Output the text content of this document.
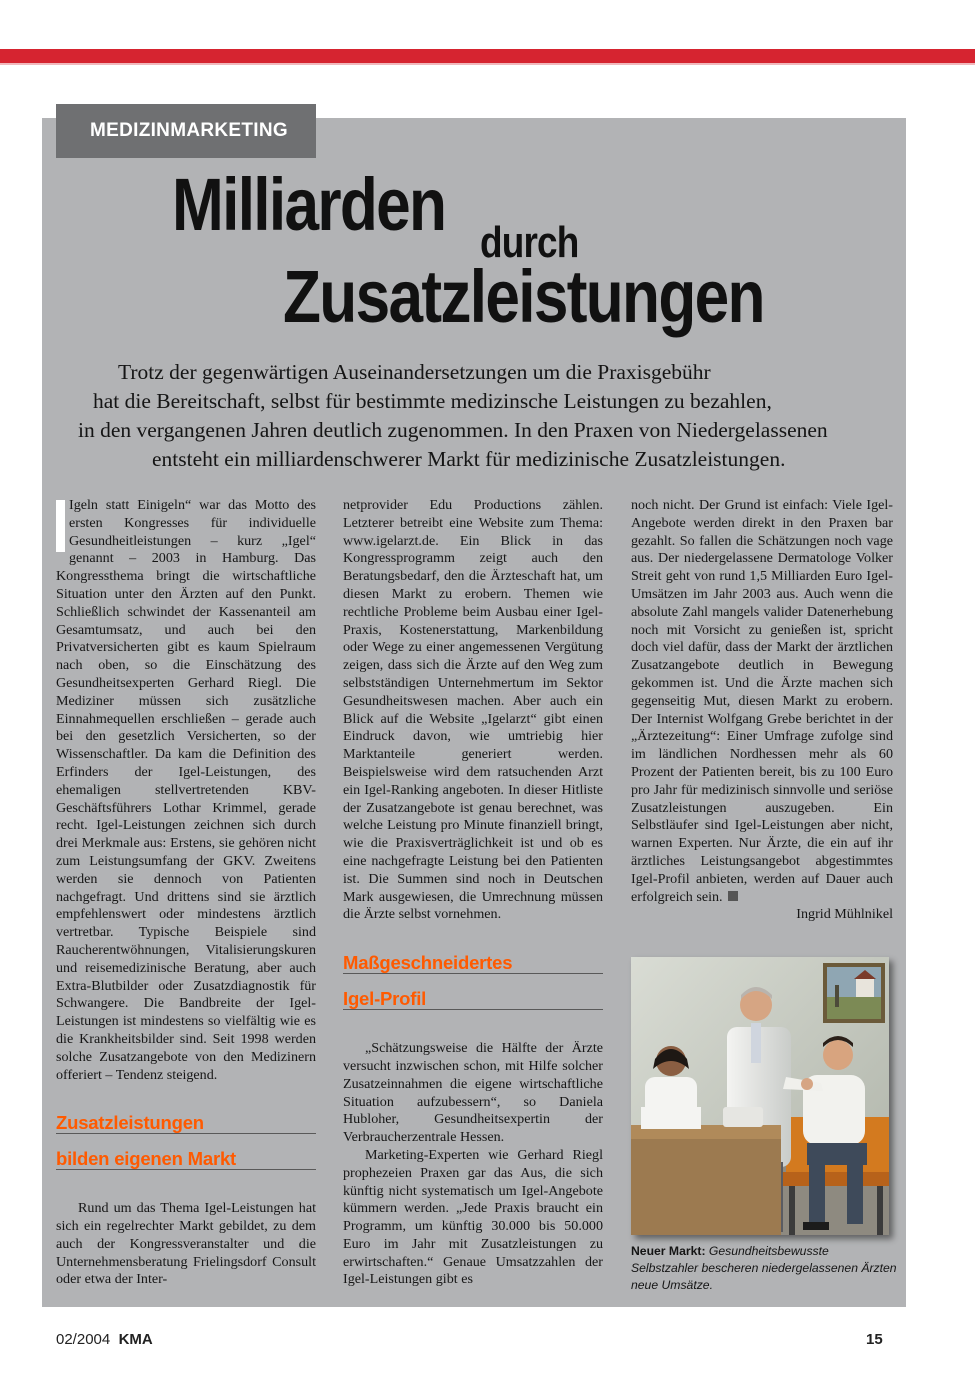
MEDIZINMARKETING
Milliarden durch
Zusatzleistungen
Trotz der gegenwärtigen Auseinandersetzungen um die Praxisgebühr
hat die Bereitschaft, selbst für bestimmte medizinsche Leistungen zu bezahlen,
in den vergangenen Jahren deutlich zugenommen. In den Praxen von Niedergelassenen
entsteht ein milliardenschwerer Markt für medizinische Zusatzleistungen.

Igeln statt Einigeln“ war das Motto des ersten Kongresses für individuelle Gesundheitleistungen – kurz „Igel“ genannt – 2003 in Hamburg. Das Kongressthema bringt die wirtschaftliche Situation unter den Ärzten auf den Punkt. Schließlich schwindet der Kassenanteil am Gesamtumsatz, und auch bei den Privatversicherten gibt es kaum Spielraum nach oben, so die Einschätzung des Gesundheitsexperten Gerhard Riegl. Die Mediziner müssen sich zusätzliche Einnahmequellen erschließen – gerade auch bei den gesetzlich Versicherten, so der Wissenschaftler. Da kam die Definition des Erfinders der Igel-Leistungen, des ehemaligen stellvertretenden KBV-Geschäftsführers Lothar Krimmel, gerade recht. Igel-Leistungen zeichnen sich durch drei Merkmale aus: Erstens, sie gehören nicht zum Leistungsumfang der GKV. Zweitens werden sie dennoch von Patienten nachgefragt. Und drittens sind sie ärztlich empfehlenswert oder mindestens ärztlich vertretbar. Typische Beispiele sind Raucherentwöhnungen, Vitalisierungskuren und reisemedizinische Beratung, aber auch Extra-Blutbilder oder Zusatzdiagnostik für Schwangere. Die Bandbreite der Igel-Leistungen ist mindestens so vielfältig wie es die Krankheitsbilder sind. Seit 1998 werden solche Zusatzangebote von den Medizinern offeriert – Tendenz steigend.

Zusatzleistungen
bilden eigenen Markt

Rund um das Thema Igel-Leistungen hat sich ein regelrechter Markt gebildet, zu dem auch der Kongressveranstalter und die Unternehmensberatung Frielingsdorf Consult oder etwa der Inter-

netprovider Edu Productions zählen. Letzterer betreibt eine Website zum Thema: www.igelarzt.de. Ein Blick in das Kongressprogramm zeigt auch den Beratungsbedarf, den die Ärzteschaft hat, um diesen Markt zu erobern. Themen wie rechtliche Probleme beim Ausbau einer Igel-Praxis, Kostenerstattung, Markenbildung oder Wege zu einer angemessenen Vergütung zeigen, dass sich die Ärzte auf den Weg zum selbstständigen Unternehmertum im Sektor Gesundheitswesen machen. Aber auch ein Blick auf die Website „Igelarzt“ gibt einen Eindruck davon, wie umtriebig hier Marktanteile generiert werden. Beispielsweise wird dem ratsuchenden Arzt ein Igel-Ranking angeboten. In dieser Hitliste der Zusatzangebote ist genau berechnet, was welche Leistung pro Minute finanziell bringt, wie die Praxisverträglichkeit ist und ob es eine nachgefragte Leistung bei den Patienten ist. Die Summen sind noch in Deutschen Mark ausgewiesen, die Umrechnung müssen die Ärzte selbst vornehmen.

Maßgeschneidertes
Igel-Profil

„Schätzungsweise die Hälfte der Ärzte versucht inzwischen schon, mit Hilfe solcher Zusatzeinnahmen die eigene wirtschaftliche Situation aufzubessern“, so Daniela Hubloher, Gesundheitsexpertin der Verbraucherzentrale Hessen.

Marketing-Experten wie Gerhard Riegl prophezeien Praxen gar das Aus, die sich künftig nicht systematisch um Igel-Angebote kümmern werden. „Jede Praxis braucht ein Programm, um künftig 30.000 bis 50.000 Euro im Jahr mit Zusatzleistungen zu erwirtschaften.“ Genaue Umsatzzahlen der Igel-Leistungen gibt es

noch nicht. Der Grund ist einfach: Viele Igel-Angebote werden direkt in den Praxen bar gezahlt. So fallen die Schätzungen noch vage aus. Der niedergelassene Dermatologe Volker Streit geht von rund 1,5 Milliarden Euro Igel-Umsätzen im Jahr 2003 aus. Auch wenn die absolute Zahl mangels valider Datenerhebung noch mit Vorsicht zu genießen ist, spricht doch viel dafür, dass der Markt der ärztlichen Zusatzangebote deutlich in Bewegung gekommen ist. Und die Ärzte machen sich gegenseitig Mut, diesen Markt zu erobern. Der Internist Wolfgang Grebe berichtet in der „Ärztezeitung“: Einer Umfrage zufolge sind im ländlichen Nordhessen mehr als 60 Prozent der Patienten bereit, bis zu 100 Euro pro Jahr für medizinisch sinnvolle und seriöse Zusatzleistungen auszugeben. Ein Selbstläufer sind Igel-Leistungen aber nicht, warnen Experten. Nur Ärzte, die ein auf ihr ärztliches Leistungsangebot abgestimmtes Igel-Profil anbieten, werden auf Dauer auch erfolgreich sein.

Ingrid Mühlnikel

Neuer Markt: Gesundheitsbewusste Selbstzahler bescheren niedergelassenen Ärzten neue Umsätze.
02/2004 KMA	15
